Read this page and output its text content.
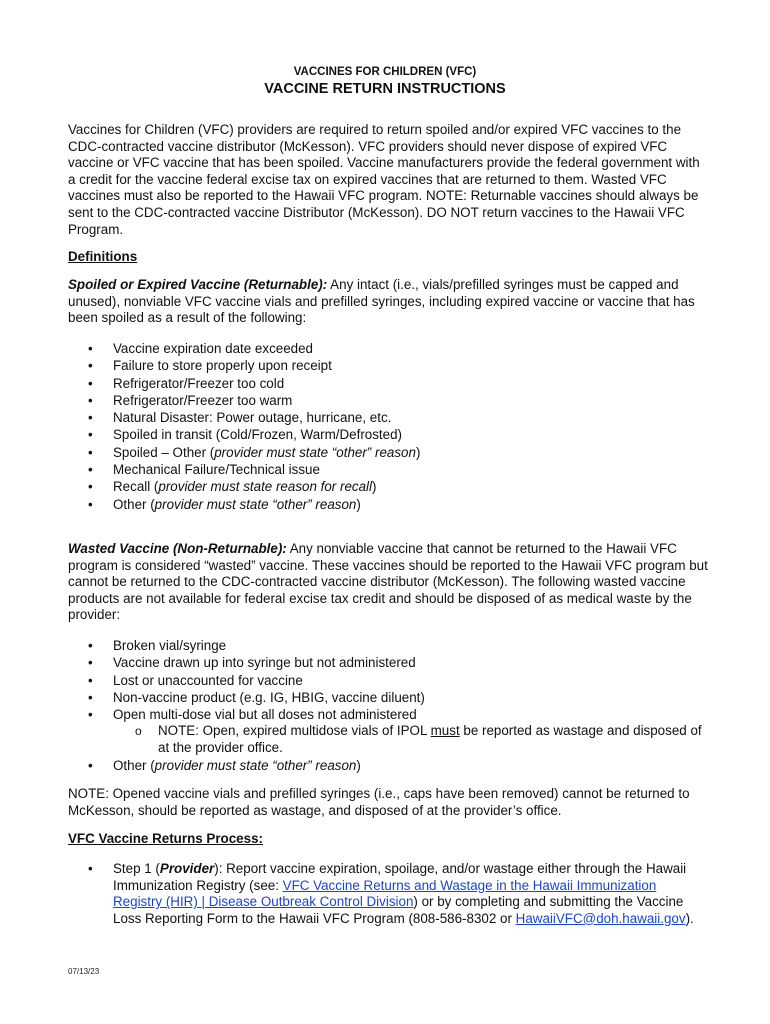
VACCINES FOR CHILDREN (VFC)
VACCINE RETURN INSTRUCTIONS

Vaccines for Children (VFC) providers are required to return spoiled and/or expired VFC vaccines to the CDC-contracted vaccine distributor (McKesson). VFC providers should never dispose of expired VFC vaccine or VFC vaccine that has been spoiled. Vaccine manufacturers provide the federal government with a credit for the vaccine federal excise tax on expired vaccines that are returned to them. Wasted VFC vaccines must also be reported to the Hawaii VFC program. NOTE: Returnable vaccines should always be sent to the CDC-contracted vaccine Distributor (McKesson). DO NOT return vaccines to the Hawaii VFC Program.

Definitions

Spoiled or Expired Vaccine (Returnable): Any intact (i.e., vials/prefilled syringes must be capped and unused), nonviable VFC vaccine vials and prefilled syringes, including expired vaccine or vaccine that has been spoiled as a result of the following:

• Vaccine expiration date exceeded
• Failure to store properly upon receipt
• Refrigerator/Freezer too cold
• Refrigerator/Freezer too warm
• Natural Disaster: Power outage, hurricane, etc.
• Spoiled in transit (Cold/Frozen, Warm/Defrosted)
• Spoiled – Other (provider must state “other” reason)
• Mechanical Failure/Technical issue
• Recall (provider must state reason for recall)
• Other (provider must state “other” reason)

Wasted Vaccine (Non-Returnable): Any nonviable vaccine that cannot be returned to the Hawaii VFC program is considered “wasted” vaccine. These vaccines should be reported to the Hawaii VFC program but cannot be returned to the CDC-contracted vaccine distributor (McKesson). The following wasted vaccine products are not available for federal excise tax credit and should be disposed of as medical waste by the provider:

• Broken vial/syringe
• Vaccine drawn up into syringe but not administered
• Lost or unaccounted for vaccine
• Non-vaccine product (e.g. IG, HBIG, vaccine diluent)
• Open multi-dose vial but all doses not administered
o NOTE: Open, expired multidose vials of IPOL must be reported as wastage and disposed of at the provider office.
• Other (provider must state “other” reason)

NOTE: Opened vaccine vials and prefilled syringes (i.e., caps have been removed) cannot be returned to McKesson, should be reported as wastage, and disposed of at the provider’s office.

VFC Vaccine Returns Process:

• Step 1 (Provider): Report vaccine expiration, spoilage, and/or wastage either through the Hawaii Immunization Registry (see: VFC Vaccine Returns and Wastage in the Hawaii Immunization Registry (HIR) | Disease Outbreak Control Division) or by completing and submitting the Vaccine Loss Reporting Form to the Hawaii VFC Program (808-586-8302 or HawaiiVFC@doh.hawaii.gov).
07/13/23
